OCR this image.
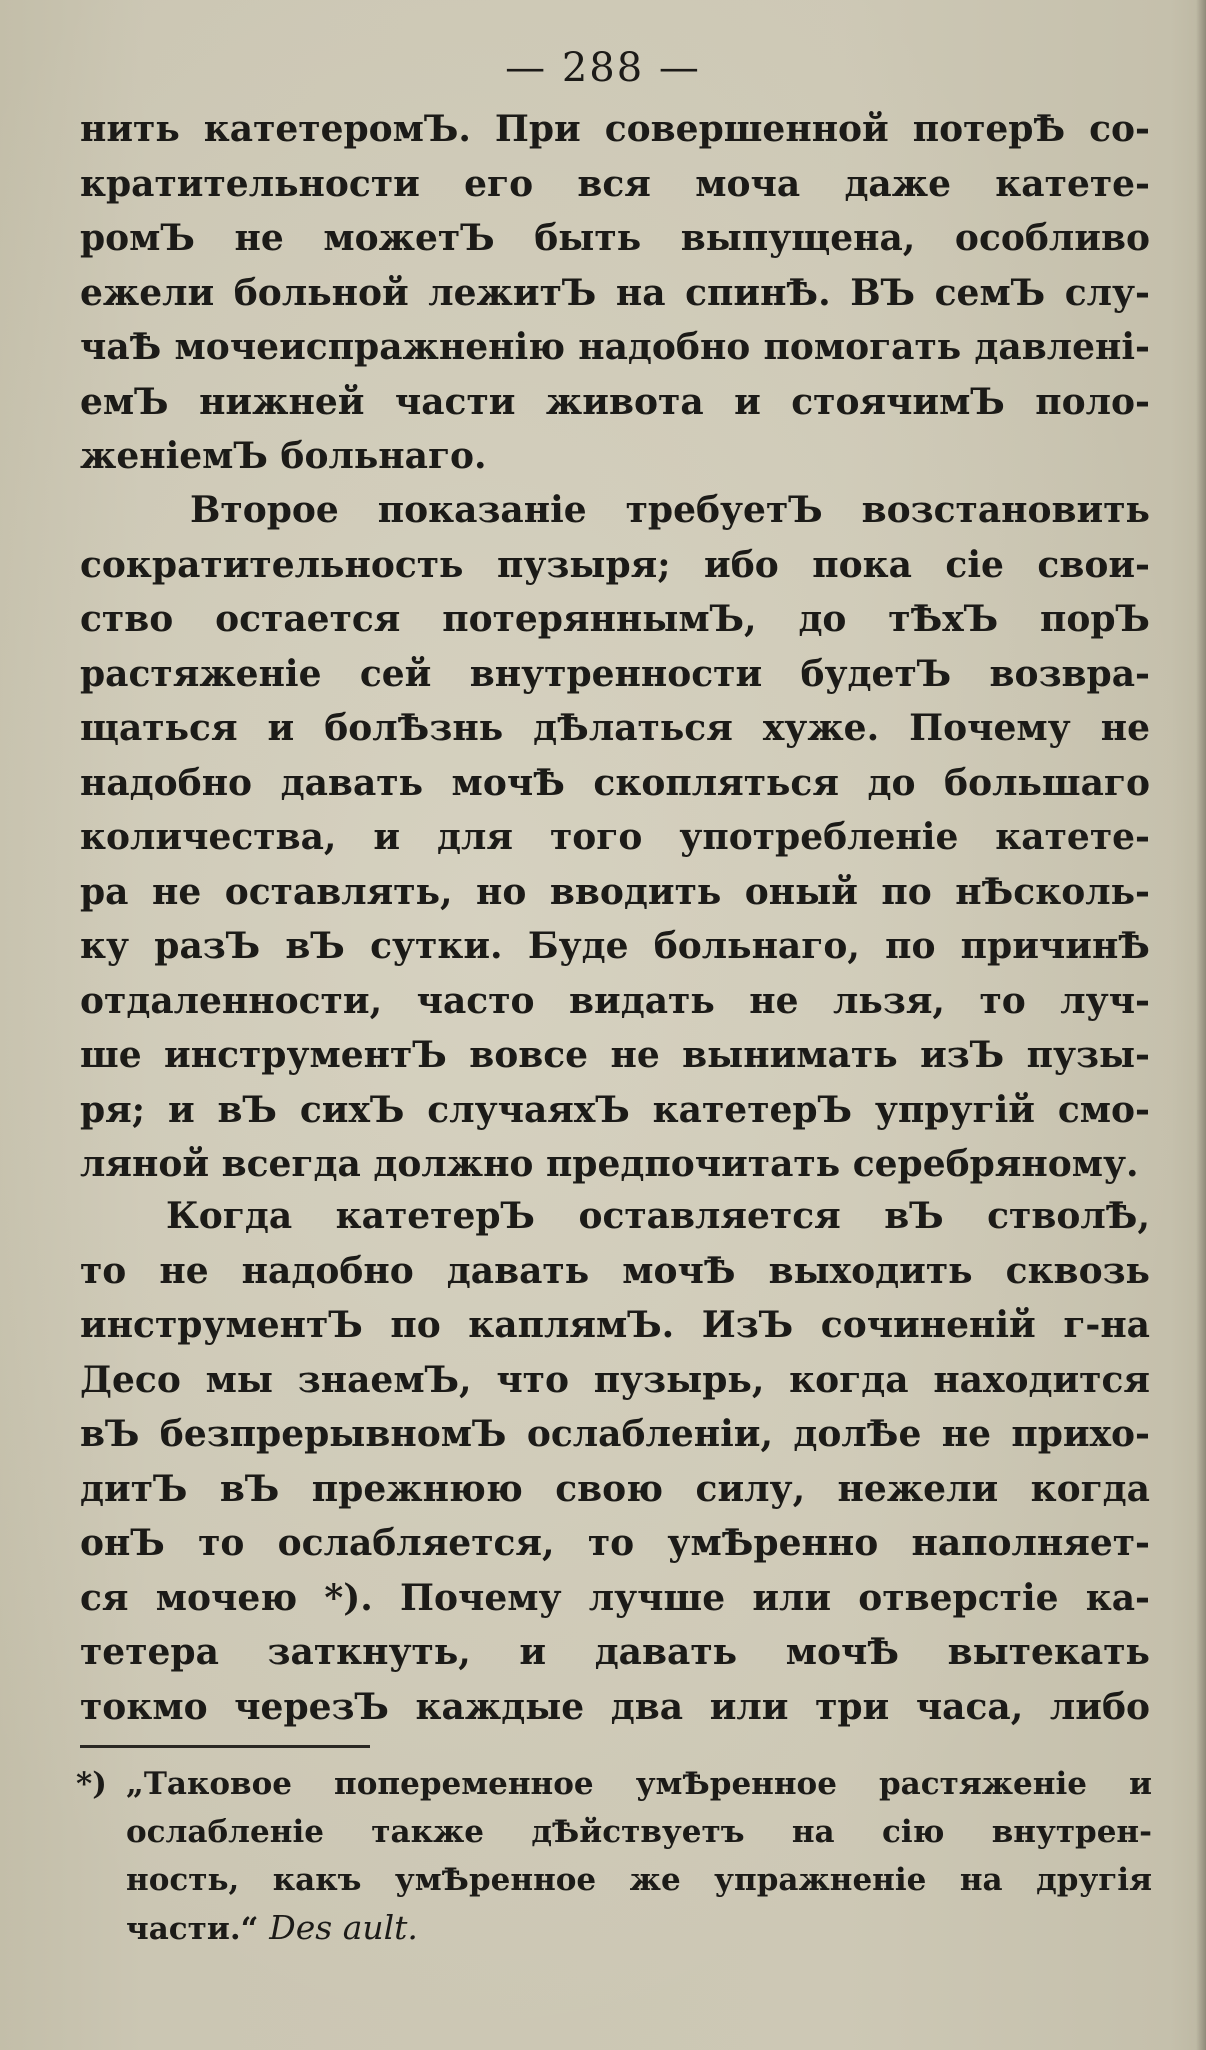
— 288 —
нить катетеромЪ. При совершенной потерѢ со-
кратительности его вся моча даже катете-
ромЪ не можетЪ быть выпущена, особливо
ежели больной лежитЪ на спинѢ. ВЪ семЪ слу-
чаѢ мочеиспражненію надобно помогать давлені-
емЪ нижней части живота и стоячимЪ поло-
женіемЪ больнаго.
Второе показаніе требуетЪ возстановить
сократительность пузыря; ибо пока сіе свои-
ство остается потеряннымЪ, до тѢхЪ порЪ
растяженіе сей внутренности будетЪ возвра-
щаться и болѢзнь дѢлаться хуже. Почему не
надобно давать мочѢ скопляться до большаго
количества, и для того употребленіе катете-
ра не оставлять, но вводить оный по нѢсколь-
ку разЪ вЪ сутки. Буде больнаго, по причинѢ
отдаленности, часто видать не льзя, то луч-
ше инструментЪ вовсе не вынимать изЪ пузы-
ря; и вЪ сихЪ случаяхЪ катетерЪ упругій смо-
ляной всегда должно предпочитать серебряному.
Когда катетерЪ оставляется вЪ стволѢ,
то не надобно давать мочѢ выходить сквозь
инструментЪ по каплямЪ. ИзЪ сочиненій г-на
Десо мы знаемЪ, что пузырь, когда находится
вЪ безпрерывномЪ ослабленіи, долѢе не прихо-
дитЪ вЪ прежнюю свою силу, нежели когда
онЪ то ослабляется, то умѢренно наполняет-
ся мочею *). Почему лучше или отверстіе ка-
тетера заткнуть, и давать мочѢ вытекать
токмо черезЪ каждые два или три часа, либо
*) „Таковое попеременное умѢренное растяженіе и
ослабленіе также дѢйствуетъ на сію внутрен-
ность, какъ умѢренное же упражненіе на другія
части.“ Des ault.
